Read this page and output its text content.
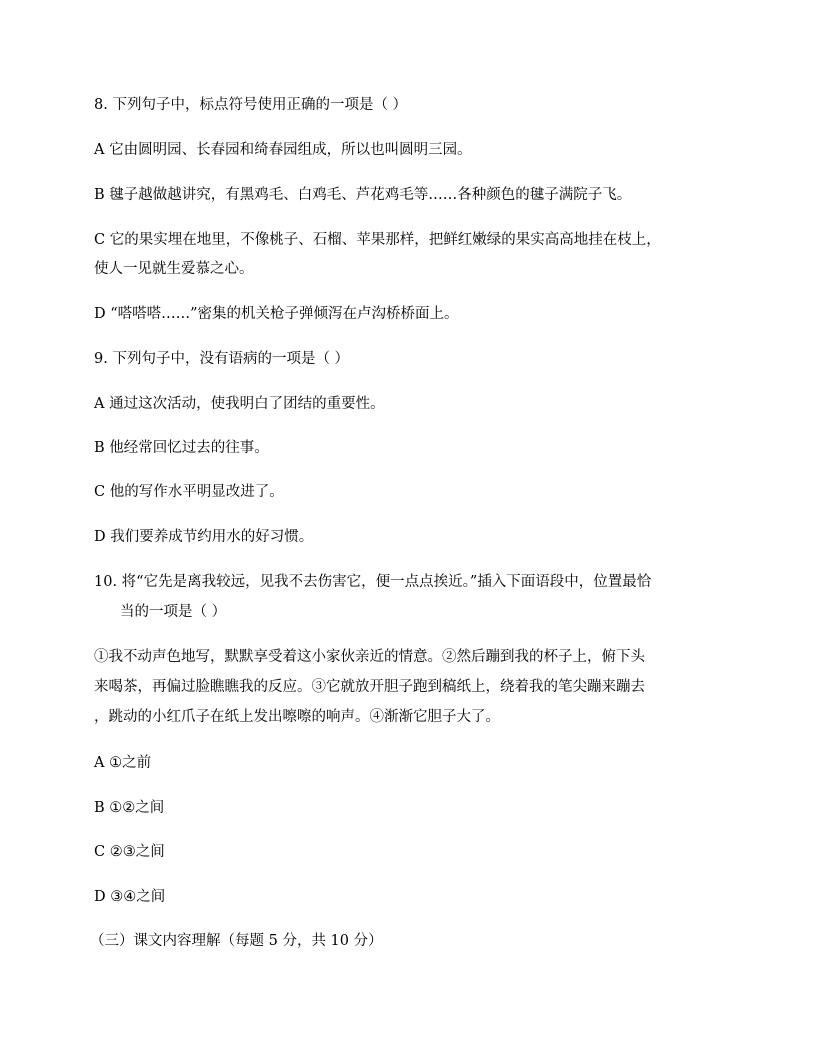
8. 下列句子中，标点符号使用正确的一项是（ ）
A 它由圆明园、长春园和绮春园组成，所以也叫圆明三园。
B 毽子越做越讲究，有黑鸡毛、白鸡毛、芦花鸡毛等……各种颜色的毽子满院子飞。
C 它的果实埋在地里，不像桃子、石榴、苹果那样，把鲜红嫩绿的果实高高地挂在枝上，
使人一见就生爱慕之心。
D “嗒嗒嗒……”密集的机关枪子弹倾泻在卢沟桥桥面上。
9. 下列句子中，没有语病的一项是（ ）
A 通过这次活动，使我明白了团结的重要性。
B 他经常回忆过去的往事。
C 他的写作水平明显改进了。
D 我们要养成节约用水的好习惯。
10. 将“它先是离我较远，见我不去伤害它，便一点点挨近。”插入下面语段中，位置最恰
当的一项是（ ）
①我不动声色地写，默默享受着这小家伙亲近的情意。②然后蹦到我的杯子上，俯下头
来喝茶，再偏过脸瞧瞧我的反应。③它就放开胆子跑到稿纸上，绕着我的笔尖蹦来蹦去
，跳动的小红爪子在纸上发出嚓嚓的响声。④渐渐它胆子大了。
A ①之前
B ①②之间
C ②③之间
D ③④之间
（三）课文内容理解（每题 5 分，共 10 分）
